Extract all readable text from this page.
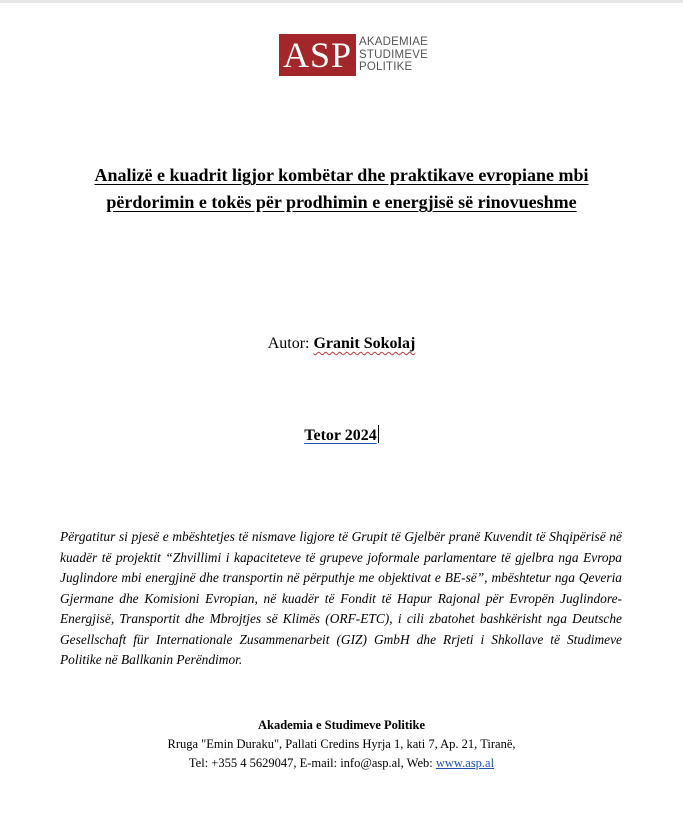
ASP AKADEMIAE
STUDIMEVE
POLITIKE
Analizë e kuadrit ligjor kombëtar dhe praktikave evropiane mbi
përdorimin e tokës për prodhimin e energjisë së rinovueshme
Autor: Granit Sokolaj
Tetor 2024
Përgatitur si pjesë e mbështetjes të nismave ligjore të Grupit të Gjelbër pranë Kuvendit të Shqipërisë në kuadër të projektit “Zhvillimi i kapaciteteve të grupeve joformale parlamentare të gjelbra nga Evropa Juglindore mbi energjinë dhe transportin në përputhje me objektivat e BE-së”, mbështetur nga Qeveria Gjermane dhe Komisioni Evropian, në kuadër të Fondit të Hapur Rajonal për Evropën Juglindore-Energjisë, Transportit dhe Mbrojtjes së Klimës (ORF-ETC), i cili zbatohet bashkërisht nga Deutsche Gesellschaft für Internationale Zusammenarbeit (GIZ) GmbH dhe Rrjeti i Shkollave të Studimeve Politike në Ballkanin Perëndimor.
Akademia e Studimeve Politike
Rruga "Emin Duraku", Pallati Credins Hyrja 1, kati 7, Ap. 21, Tiranë,
Tel: +355 4 5629047, E-mail: info@asp.al, Web: www.asp.al
